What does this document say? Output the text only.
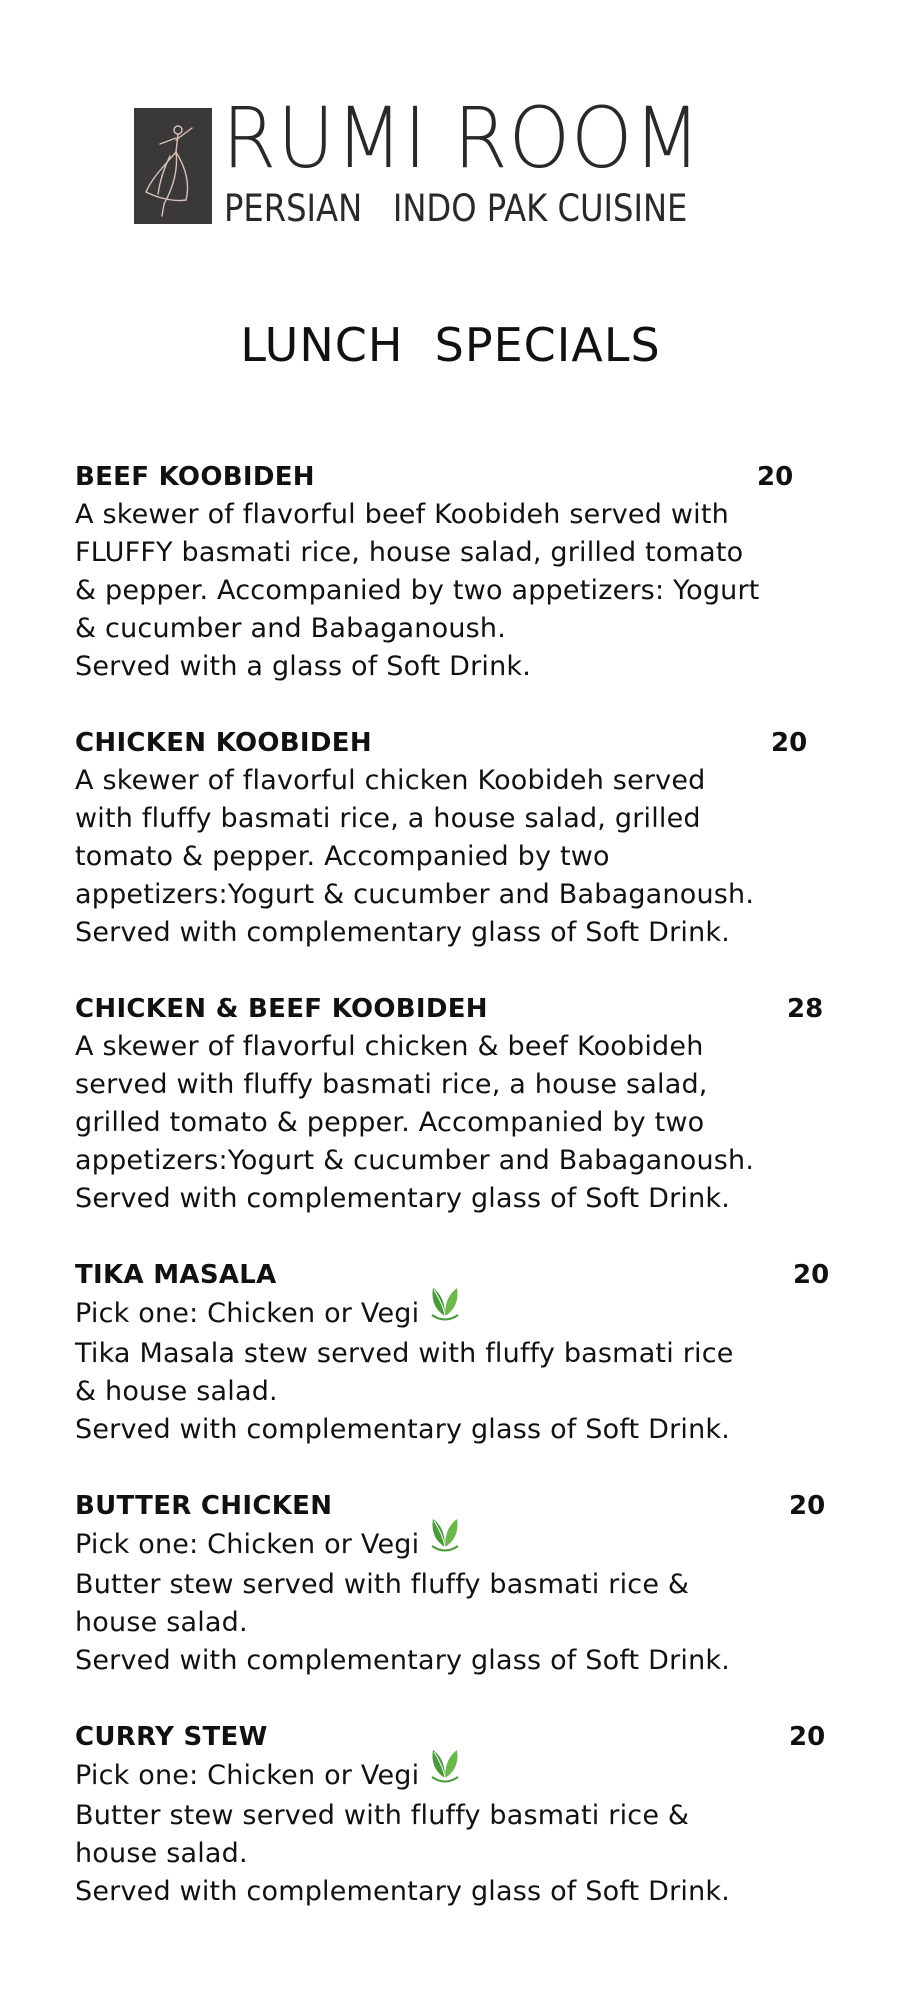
RUMI ROOM
PERSIAN   INDO PAK CUISINE
LUNCH  SPECIALS
BEEF KOOBIDEH	20
A skewer of flavorful beef Koobideh served with
FLUFFY basmati rice, house salad, grilled tomato
& pepper. Accompanied by two appetizers: Yogurt
& cucumber and Babaganoush.
Served with a glass of Soft Drink.
CHICKEN KOOBIDEH	20
A skewer of flavorful chicken Koobideh served
with fluffy basmati rice, a house salad, grilled
tomato & pepper. Accompanied by two
appetizers:Yogurt & cucumber and Babaganoush.
Served with complementary glass of Soft Drink.
CHICKEN & BEEF KOOBIDEH	28
A skewer of flavorful chicken & beef Koobideh
served with fluffy basmati rice, a house salad,
grilled tomato & pepper. Accompanied by two
appetizers:Yogurt & cucumber and Babaganoush.
Served with complementary glass of Soft Drink.
TIKA MASALA	20
Pick one: Chicken or Vegi
Tika Masala stew served with fluffy basmati rice
& house salad.
Served with complementary glass of Soft Drink.
BUTTER CHICKEN	20
Pick one: Chicken or Vegi
Butter stew served with fluffy basmati rice &
house salad.
Served with complementary glass of Soft Drink.
CURRY STEW	20
Pick one: Chicken or Vegi
Butter stew served with fluffy basmati rice &
house salad.
Served with complementary glass of Soft Drink.
